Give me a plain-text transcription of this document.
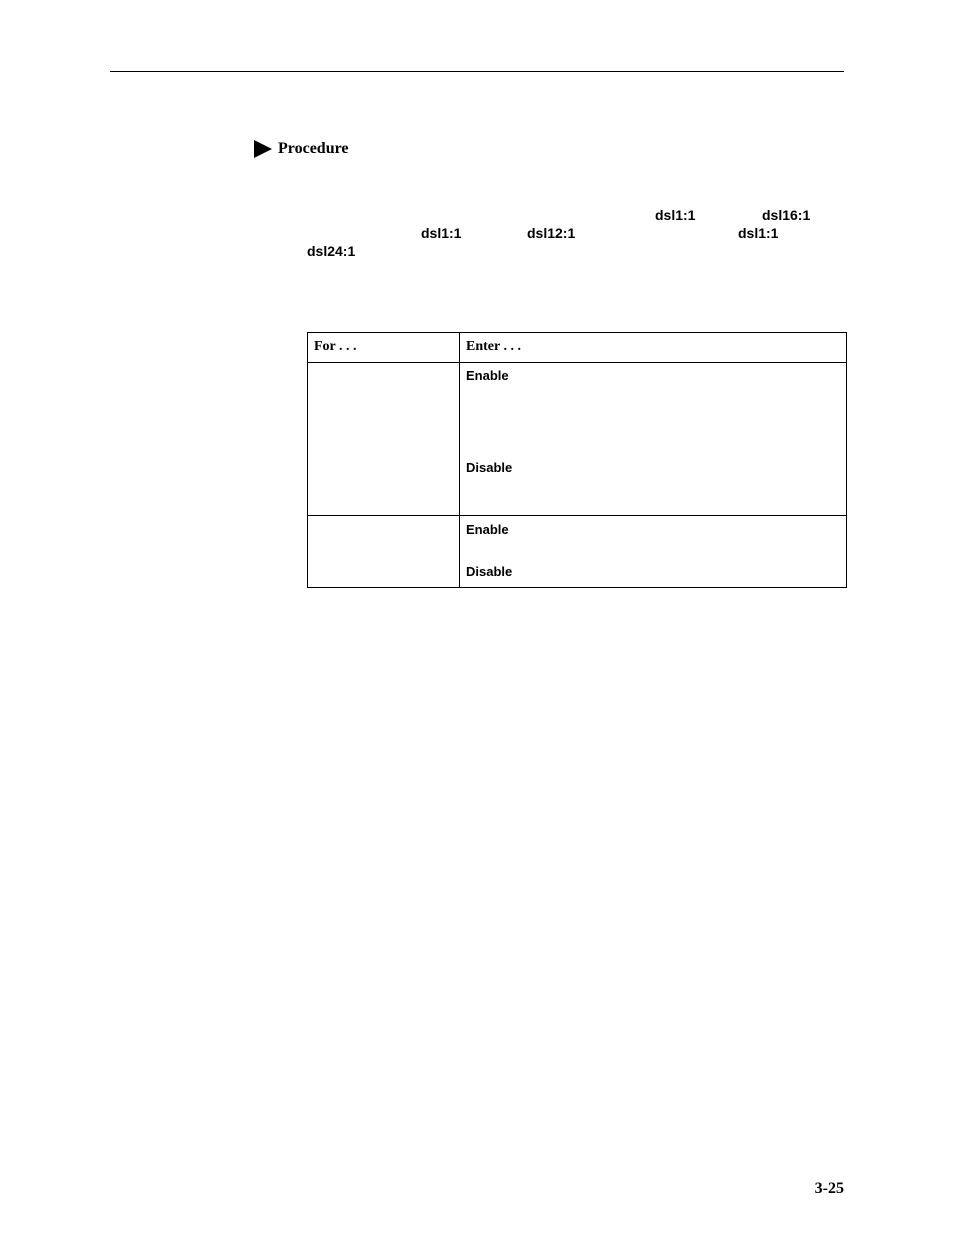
Procedure
dsl1:1	dsl16:1
dsl1:1	dsl12:1	dsl1:1
dsl24:1
For . . .	Enter . . .

	Enable
Disable

	Enable
Disable
3-25
